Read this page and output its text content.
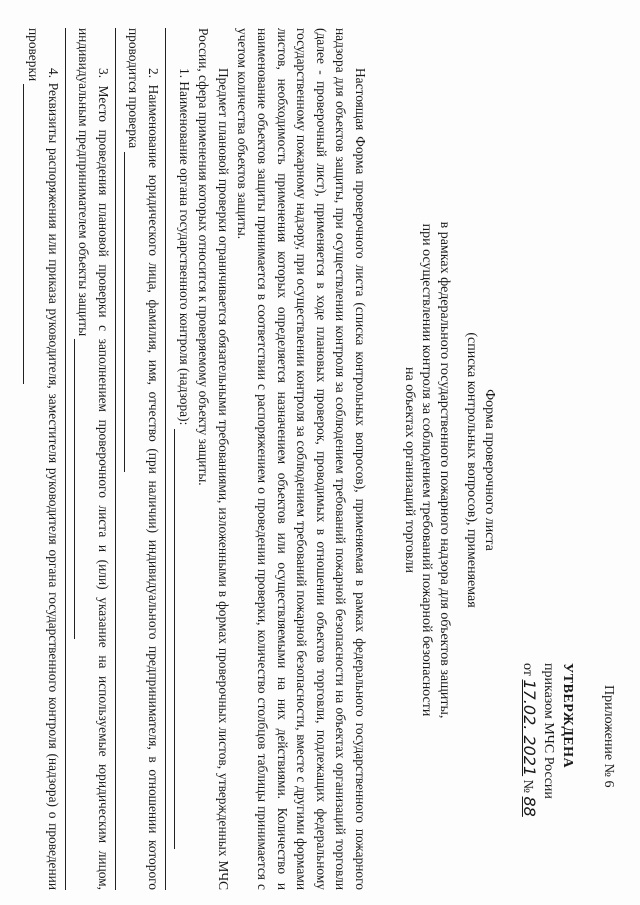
Приложение № 6
УТВЕРЖДЕНА
приказом МЧС России
от 17.02. 2021 № 88
Форма проверочного листа
(списка контрольных вопросов), применяемая
в рамках федерального государственного пожарного надзора для объектов защиты,
при осуществлении контроля за соблюдением требований пожарной безопасности
на объектах организаций торговли

Настоящая Форма проверочного листа (списка контрольных вопросов), применяемая в рамках федерального государственного пожарного надзора для объектов защиты, при осуществлении контроля за соблюдением требований пожарной безопасности на объектах организаций торговли (далее - проверочный лист), применяется в ходе плановых проверок, проводимых в отношении объектов торговли, подлежащих федеральному государственному пожарному надзору, при осуществлении контроля за соблюдением требований пожарной безопасности, вместе с другими формами листов, необходимость применения которых определяется назначением объектов или осуществляемыми на них действиями. Количество и наименование объектов защиты принимается в соответствии с распоряжением о проведении проверки, количество столбцов таблицы принимается с учетом количества объектов защиты.

Предмет плановой проверки ограничивается обязательными требованиями, изложенными в формах проверочных листов, утвержденных МЧС России, сфера применения которых относится к проверяемому объекту защиты.

1. Наименование органа государственного контроля (надзора):

2. Наименование юридического лица, фамилия, имя, отчество (при наличии) индивидуального предпринимателя, в отношении которого проводится проверка

3. Место проведения плановой проверки с заполнением проверочного листа и (или) указание на используемые юридическим лицом, индивидуальным предпринимателем объекты защиты

4. Реквизиты распоряжения или приказа руководителя, заместителя руководителя органа государственного контроля (надзора) о проведении проверки
